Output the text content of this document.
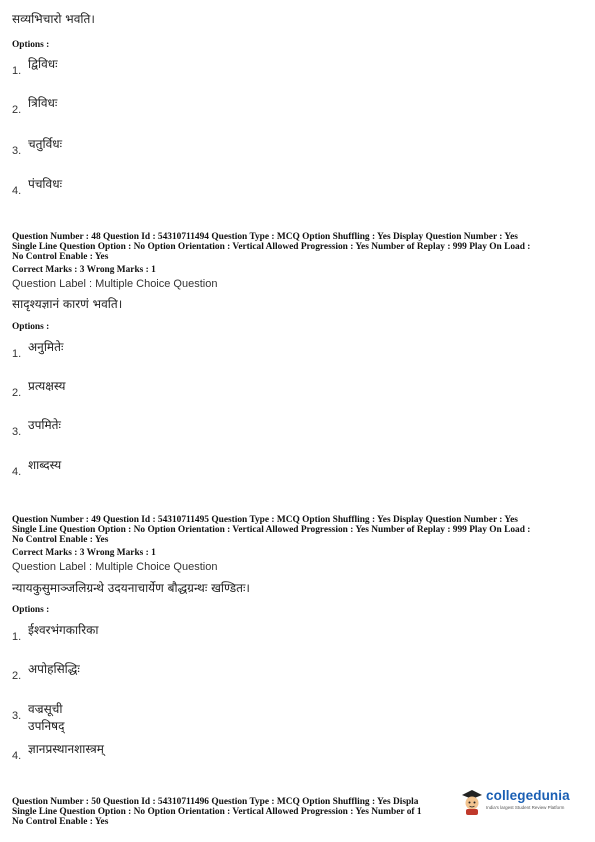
सव्यभिचारो भवति।
Options :
1. द्विविधः
2. त्रिविधः
3. चतुर्विधः
4. पंचविधः
Question Number : 48 Question Id : 54310711494 Question Type : MCQ Option Shuffling : Yes Display Question Number : Yes
Single Line Question Option : No Option Orientation : Vertical Allowed Progression : Yes Number of Replay : 999 Play On Load :
No Control Enable : Yes
Correct Marks : 3 Wrong Marks : 1
Question Label : Multiple Choice Question
सादृश्यज्ञानं कारणं भवति।
Options :
1. अनुमितेः
2. प्रत्यक्षस्य
3. उपमितेः
4. शाब्दस्य
Question Number : 49 Question Id : 54310711495 Question Type : MCQ Option Shuffling : Yes Display Question Number : Yes
Single Line Question Option : No Option Orientation : Vertical Allowed Progression : Yes Number of Replay : 999 Play On Load :
No Control Enable : Yes
Correct Marks : 3 Wrong Marks : 1
Question Label : Multiple Choice Question
न्यायकुसुमाञ्जलिग्रन्थे उदयनाचार्येण बौद्धग्रन्थः खण्डितः।
Options :
1. ईश्वरभंगकारिका
2. अपोहसिद्धिः
3. वज्रसूची उपनिषद्
4. ज्ञानप्रस्थानशास्त्रम्
Question Number : 50 Question Id : 54310711496 Question Type : MCQ Option Shuffling : Yes Displa
Single Line Question Option : No Option Orientation : Vertical Allowed Progression : Yes Number of 1
No Control Enable : Yes
collegedunia
India's largest Student Review Platform
